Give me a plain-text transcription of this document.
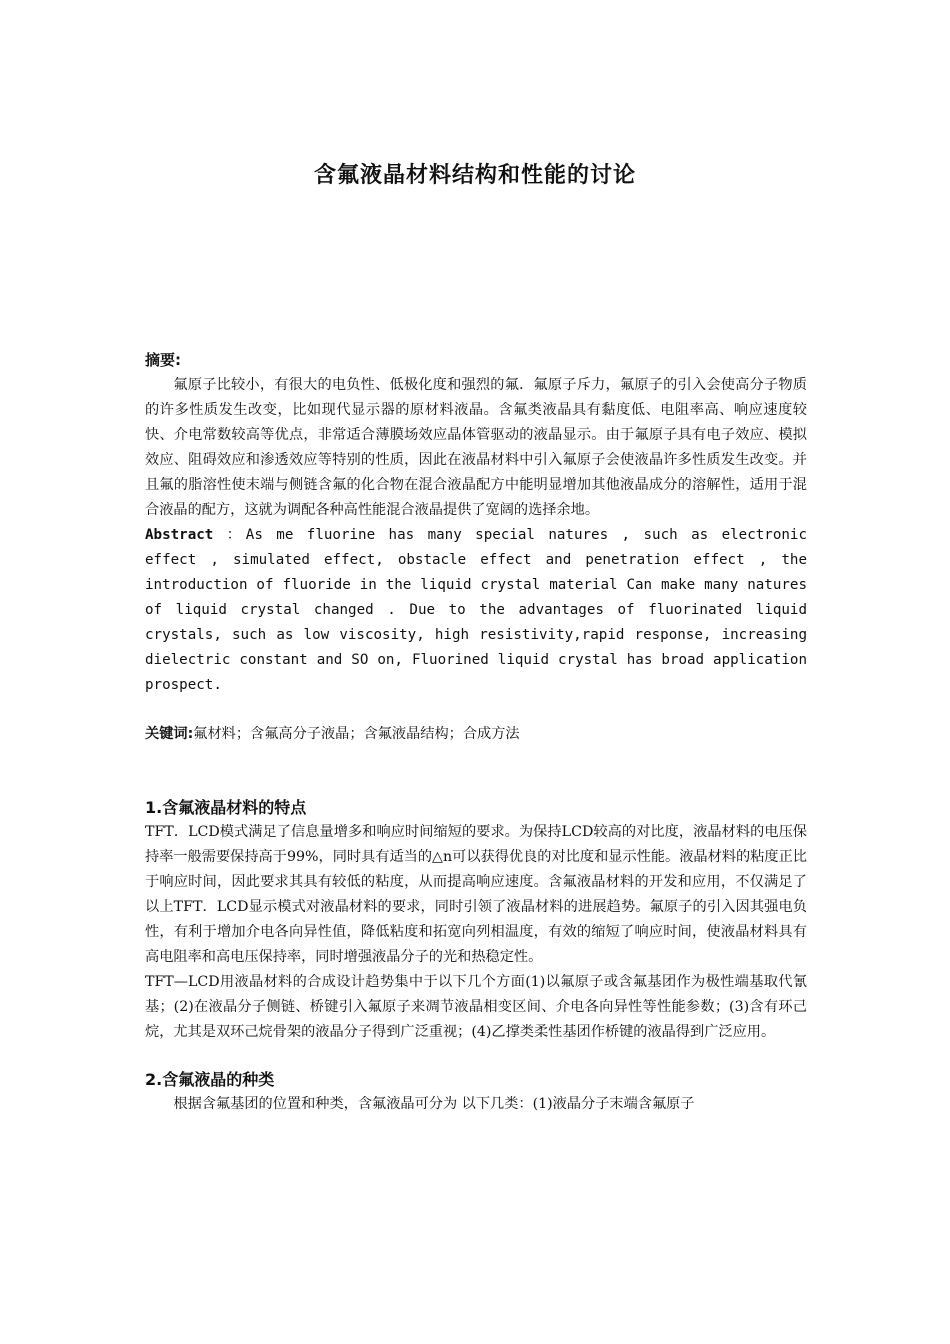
含氟液晶材料结构和性能的讨论
摘要:

氟原子比较小，有很大的电负性、低极化度和强烈的氟．氟原子斥力，氟原子的引入会使高分子物质的许多性质发生改变，比如现代显示器的原材料液晶。含氟类液晶具有黏度低、电阻率高、响应速度较快、介电常数较高等优点，非常适合薄膜场效应晶体管驱动的液晶显示。由于氟原子具有电子效应、模拟效应、阻碍效应和渗透效应等特别的性质，因此在液晶材料中引入氟原子会使液晶许多性质发生改变。并且氟的脂溶性使末端与侧链含氟的化合物在混合液晶配方中能明显增加其他液晶成分的溶解性，适用于混合液晶的配方，这就为调配各种高性能混合液晶提供了宽阔的选择余地。

Abstract ：As me fluorine has many special natures , such as electronic effect , simulated effect, obstacle effect and penetration effect , the introduction of fluoride in the liquid crystal material Can make many natures of liquid crystal changed . Due to the advantages of fluorinated liquid crystals, such as low viscosity, high resistivity,rapid response, increasing dielectric constant and SO on, Fluorined liquid crystal has broad application prospect.
关键词:氟材料；含氟高分子液晶；含氟液晶结构；合成方法
1.含氟液晶材料的特点

TFT．LCD模式满足了信息量增多和响应时间缩短的要求。为保持LCD较高的对比度，液晶材料的电压保持率一般需要保持高于99%，同时具有适当的△n可以获得优良的对比度和显示性能。液晶材料的粘度正比于响应时间，因此要求其具有较低的粘度，从而提高响应速度。含氟液晶材料的开发和应用，不仅满足了以上TFT．LCD显示模式对液晶材料的要求，同时引领了液晶材料的进展趋势。氟原子的引入因其强电负性，有利于增加介电各向异性值，降低粘度和拓宽向列相温度，有效的缩短了响应时间，使液晶材料具有高电阻率和高电压保持率，同时增强液晶分子的光和热稳定性。

TFT—LCD用液晶材料的合成设计趋势集中于以下几个方面(1)以氟原子或含氟基团作为极性端基取代氰基；(2)在液晶分子侧链、桥键引入氟原子来凋节液晶相变区间、介电各向异性等性能参数；(3)含有环己烷，尤其是双环己烷骨架的液晶分子得到广泛重视；(4)乙撑类柔性基团作桥键的液晶得到广泛应用。

2.含氟液晶的种类

根据含氟基团的位置和种类，含氟液晶可分为 以下几类：(1)液晶分子末端含氟原子
